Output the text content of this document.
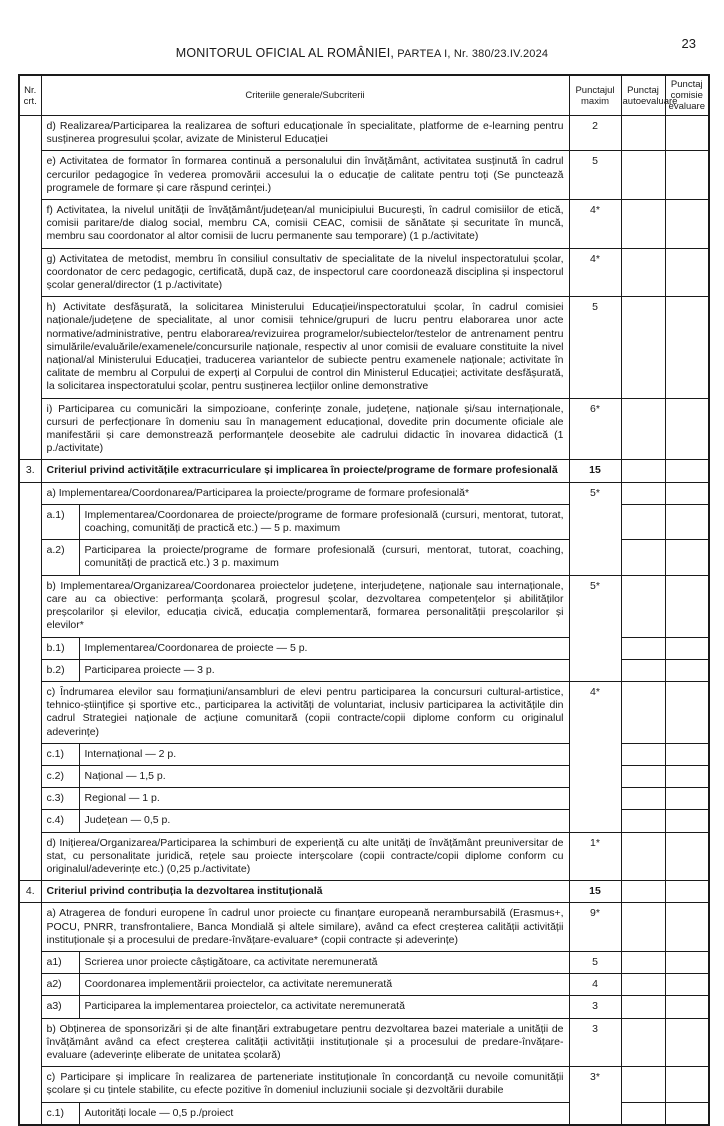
MONITORUL OFICIAL AL ROMÂNIEI, PARTEA I, Nr. 380/23.IV.2024
23
Nr. crt.	Criteriile generale/Subcriterii		Punctajul maxim	Punctaj autoevaluare	Punctaj comisie evaluare
	d) Realizarea/Participarea la realizarea de softuri educaționale în specialitate, platforme de e-learning pentru susținerea progresului școlar, avizate de Ministerul Educației		2		
	e) Activitatea de formator în formarea continuă a personalului din învățământ, activitatea susținută în cadrul cercurilor pedagogice în vederea promovării accesului la o educație de calitate pentru toți (Se punctează programele de formare și care răspund cerinței.)		5		
	f) Activitatea, la nivelul unității de învățământ/județean/al municipiului București, în cadrul comisiilor de etică, comisii paritare/de dialog social, membru CA, comisii CEAC, comisii de sănătate și securitate în muncă, membru sau coordonator al altor comisii de lucru permanente sau temporare) (1 p./activitate)		4*		
	g) Activitatea de metodist, membru în consiliul consultativ de specialitate de la nivelul inspectoratului școlar, coordonator de cerc pedagogic, certificată, după caz, de inspectorul care coordonează disciplina și inspectorul școlar general/director (1 p./activitate)		4*		
	h) Activitate desfășurată, la solicitarea Ministerului Educației/inspectoratului școlar, în cadrul comisiei naționale/județene de specialitate, al unor comisii tehnice/grupuri de lucru pentru elaborarea unor acte normative/administrative, pentru elaborarea/revizuirea programelor/subiectelor/testelor de antrenament pentru simulările/evaluările/examenele/concursurile naționale, respectiv al unor comisii de evaluare constituite la nivel național/al Ministerului Educației, traducerea variantelor de subiecte pentru examenele naționale; activitate în calitate de membru al Corpului de experți al Corpului de control din Ministerul Educației; activitate desfășurată, la solicitarea inspectoratului școlar, pentru susținerea lecțiilor online demonstrative		5		
	i) Participarea cu comunicări la simpozioane, conferințe zonale, județene, naționale și/sau internaționale, cursuri de perfecționare în domeniu sau în management educațional, dovedite prin documente oficiale ale manifestării și care demonstrează performanțele deosebite ale cadrului didactic în inovarea didactică (1 p./activitate)		6*		
3.	Criteriul privind activitățile extracurriculare și implicarea în proiecte/programe de formare profesională		15		
	a) Implementarea/Coordonarea/Participarea la proiecte/programe de formare profesională*		5*		
	a.1)	Implementarea/Coordonarea de proiecte/programe de formare profesională (cursuri, mentorat, tutorat, coaching, comunități de practică etc.) — 5 p. maximum			
	a.2)	Participarea la proiecte/programe de formare profesională (cursuri, mentorat, tutorat, coaching, comunități de practică etc.) 3 p. maximum			
	b) Implementarea/Organizarea/Coordonarea proiectelor județene, interjudețene, naționale sau internaționale, care au ca obiective: performanța școlară, progresul școlar, dezvoltarea competențelor și abilităților preșcolarilor și elevilor, educația civică, educația complementară, formarea personalității preșcolarilor și elevilor*		5*		
	b.1)	Implementarea/Coordonarea de proiecte — 5 p.			
	b.2)	Participarea proiecte — 3 p.			
	c) Îndrumarea elevilor sau formațiuni/ansambluri de elevi pentru participarea la concursuri cultural-artistice, tehnico-științifice și sportive etc., participarea la activități de voluntariat, inclusiv participarea la activitățile din cadrul Strategiei naționale de acțiune comunitară (copii contracte/copii diplome conform cu originalul adeverințe)		4*		
	c.1)	Internațional — 2 p.			
	c.2)	Național — 1,5 p.			
	c.3)	Regional — 1 p.			
	c.4)	Județean — 0,5 p.			
	d) Inițierea/Organizarea/Participarea la schimburi de experiență cu alte unități de învățământ preuniversitar de stat, cu personalitate juridică, rețele sau proiecte interșcolare (copii contracte/copii diplome conform cu originalul/adeverințe etc.) (0,25 p./activitate)		1*		
4.	Criteriul privind contribuția la dezvoltarea instituțională		15		
	a) Atragerea de fonduri europene în cadrul unor proiecte cu finanțare europeană nerambursabilă (Erasmus+, POCU, PNRR, transfrontaliere, Banca Mondială și altele similare), având ca efect creșterea calității activității instituționale și a procesului de predare-învățare-evaluare* (copii contracte și adeverințe)		9*		
	a1)	Scrierea unor proiecte câștigătoare, ca activitate neremunerată	5		
	a2)	Coordonarea implementării proiectelor, ca activitate neremunerată	4		
	a3)	Participarea la implementarea proiectelor, ca activitate neremunerată	3		
	b) Obținerea de sponsorizări și de alte finanțări extrabugetare pentru dezvoltarea bazei materiale a unității de învățământ având ca efect creșterea calității activității instituționale și a procesului de predare-învățare-evaluare (adeverințe eliberate de unitatea școlară)		3		
	c) Participare și implicare în realizarea de parteneriate instituționale în concordanță cu nevoile comunității școlare și cu țintele stabilite, cu efecte pozitive în domeniul incluziunii sociale și dezvoltării durabile		3*		
	c.1)	Autorități locale — 0,5 p./proiect			
